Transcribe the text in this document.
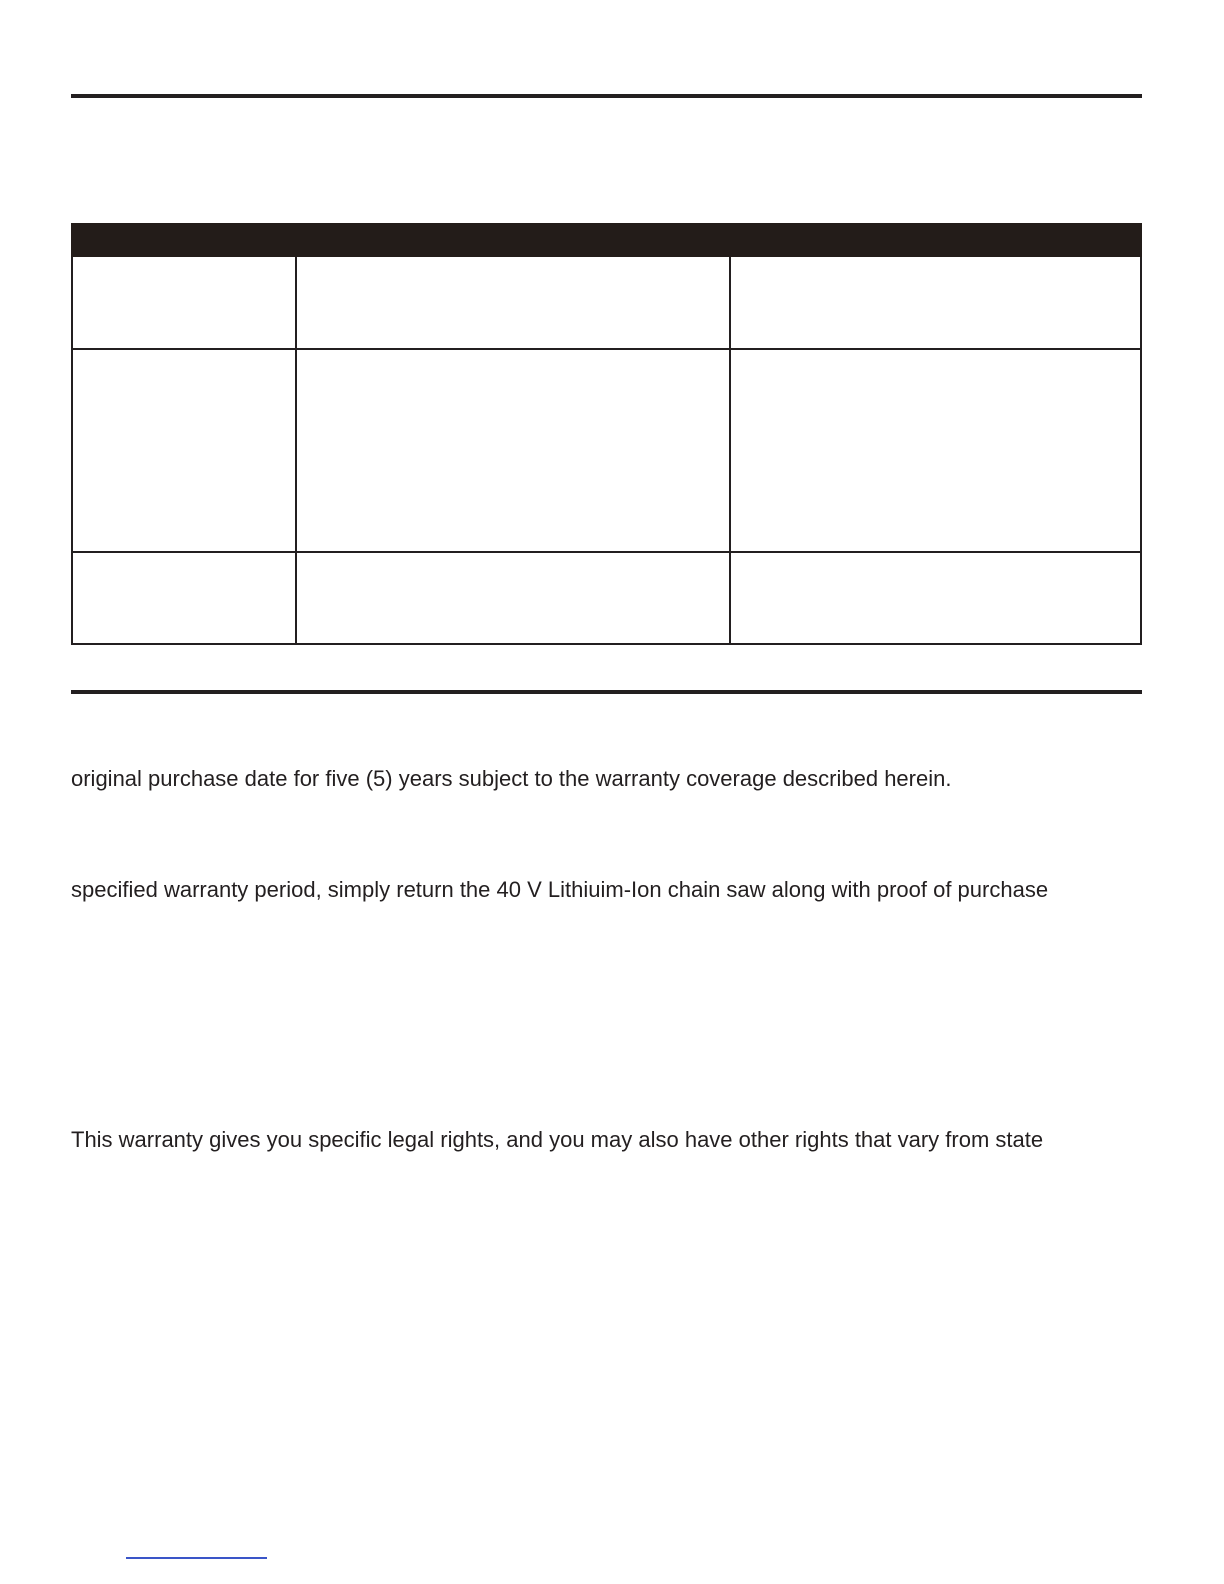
original purchase date for five (5) years subject to the warranty coverage described herein.

specified warranty period, simply return the 40 V Lithiuim-Ion chain saw along with proof of purchase

This warranty gives you specific legal rights, and you may also have other rights that vary from state
